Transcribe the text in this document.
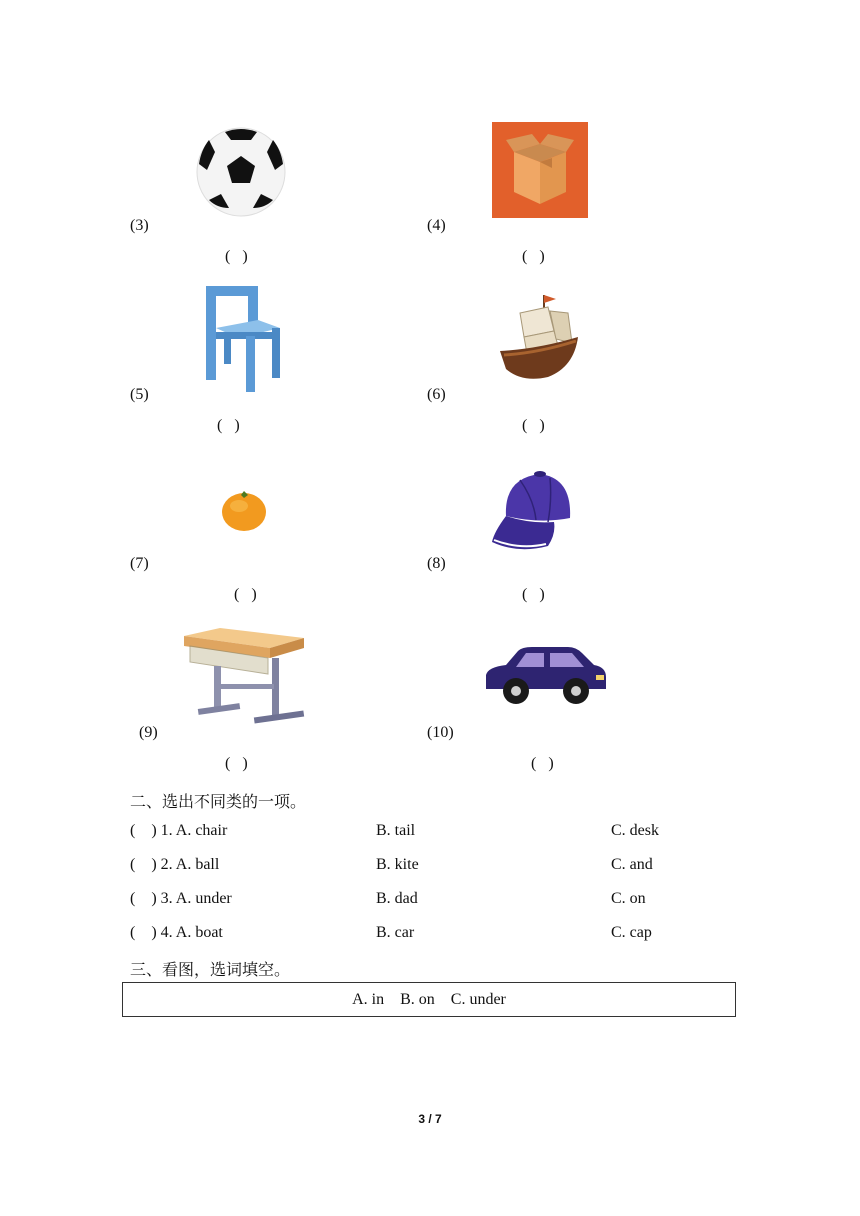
(3)
(   )
(4)
(   )
(5)
(   )
(6)
(   )
(7)
(   )
(8)
(   )
(9)
(   )
(10)
(   )
二、选出不同类的一项。
(    ) 1. A. chair	B. tail	C. desk
(    ) 2. A. ball	B. kite	C. and
(    ) 3. A. under	B. dad	C. on
(    ) 4. A. boat	B. car	C. cap
三、看图，选词填空。
A. in    B. on    C. under
3 / 7
